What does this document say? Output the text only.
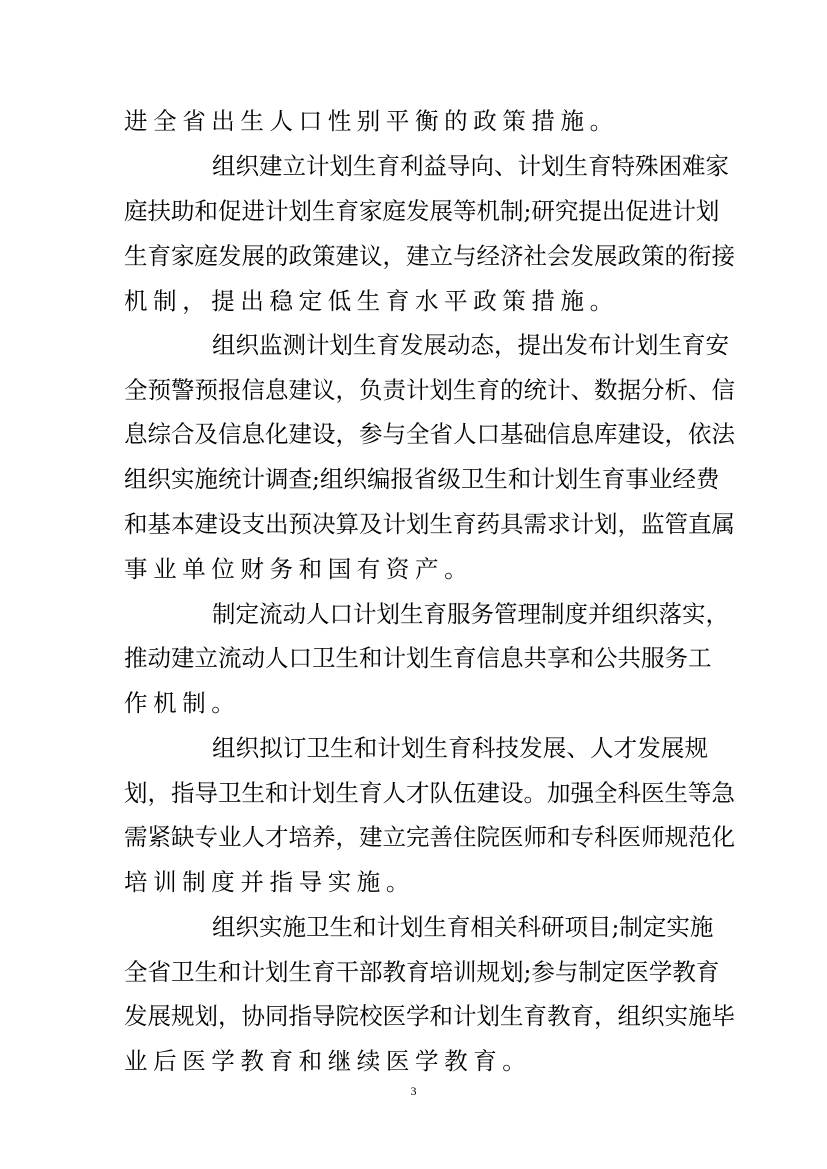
进全省出生人口性别平衡的政策措施。
组织建立计划生育利益导向、计划生育特殊困难家
庭扶助和促进计划生育家庭发展等机制;研究提出促进计划
生育家庭发展的政策建议，建立与经济社会发展政策的衔接
机制，提出稳定低生育水平政策措施。
组织监测计划生育发展动态，提出发布计划生育安
全预警预报信息建议，负责计划生育的统计、数据分析、信
息综合及信息化建设，参与全省人口基础信息库建设，依法
组织实施统计调查;组织编报省级卫生和计划生育事业经费
和基本建设支出预决算及计划生育药具需求计划，监管直属
事业单位财务和国有资产。
制定流动人口计划生育服务管理制度并组织落实，
推动建立流动人口卫生和计划生育信息共享和公共服务工
作机制。
组织拟订卫生和计划生育科技发展、人才发展规
划，指导卫生和计划生育人才队伍建设。加强全科医生等急
需紧缺专业人才培养，建立完善住院医师和专科医师规范化
培训制度并指导实施。
组织实施卫生和计划生育相关科研项目;制定实施
全省卫生和计划生育干部教育培训规划;参与制定医学教育
发展规划，协同指导院校医学和计划生育教育，组织实施毕
业后医学教育和继续医学教育。
3
